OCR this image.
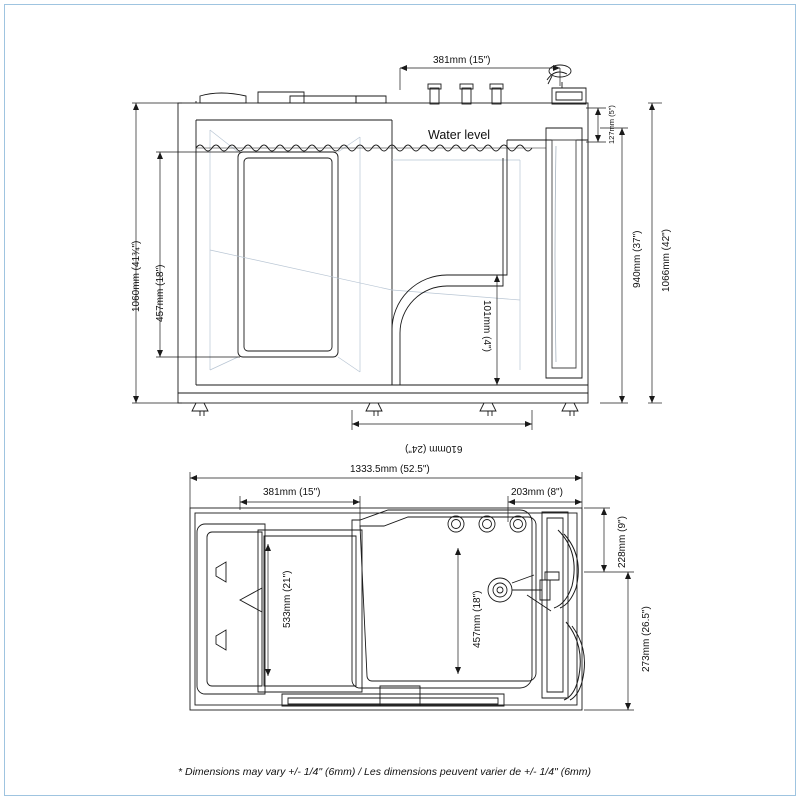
Water level
381mm (15")
127mm (5")
1060mm (41¾") 457mm (18")
1066mm (42")
940mm (37")
101mm (4")
610mm (24")
1333.5mm (52.5")
381mm (15")	203mm (8")
533mm (21")	457mm (18")
228mm (9")
273mm (26.5")
* Dimensions may vary +/- 1/4" (6mm) / Les dimensions peuvent varier de +/- 1/4" (6mm)
